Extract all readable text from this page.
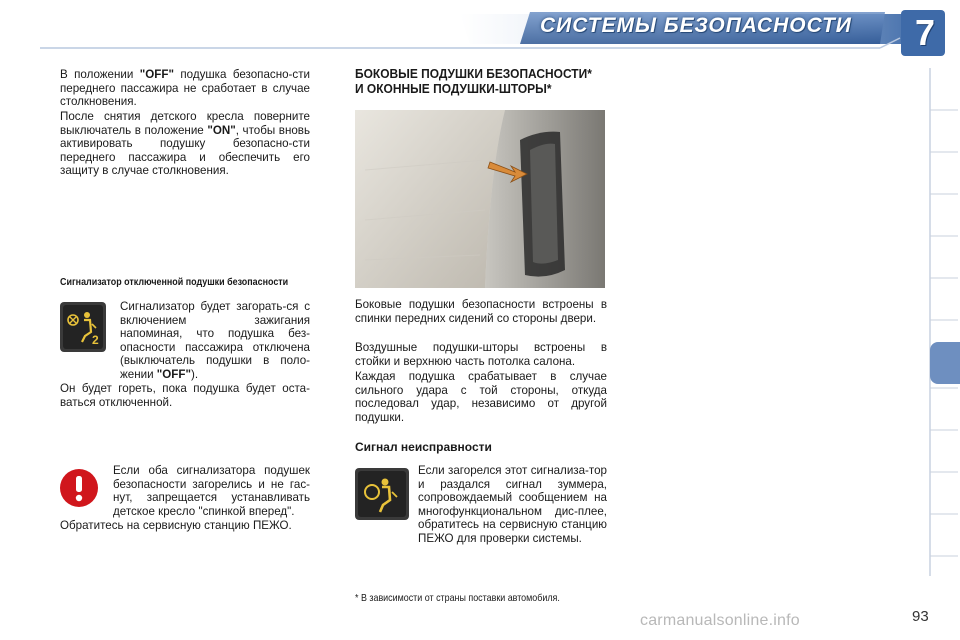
СИСТЕМЫ БЕЗОПАСНОСТИ 7

В положении "OFF" подушка безопасно-сти переднего пассажира не сработает в случае столкновения.

После снятия детского кресла поверните выключатель в положение "ON", чтобы вновь активировать подушку безопасно-сти переднего пассажира и обеспечить его защиту в случае столкновения.

Сигнализатор отключенной подушки безопасности
2

Сигнализатор будет загорать-ся с включением зажигания напоминая, что подушка без-опасности пассажира отключена (выключатель подушки в поло-жении "OFF").

Он будет гореть, пока подушка будет оста-ваться отключенной.

Если оба сигнализатора подушек безопасности загорелись и не гас-нут, запрещается устанавливать детское кресло "спинкой вперед".

Обратитесь на сервисную станцию ПЕЖО.

БОКОВЫЕ ПОДУШКИ БЕЗОПАСНОСТИ*
И ОКОННЫЕ ПОДУШКИ-ШТОРЫ*

Боковые подушки безопасности встроены в спинки передних сидений со стороны двери.

Воздушные подушки-шторы встроены в стойки и верхнюю часть потолка салона.

Каждая подушка срабатывает в случае сильного удара с той стороны, откуда последовал удар, независимо от другой подушки.

Сигнал неисправности

Если загорелся этот сигнализа-тор и раздался сигнал зуммера, сопровождаемый сообщением на многофункциональном дис-плее, обратитесь на сервисную станцию ПЕЖО для проверки системы.

* В зависимости от страны поставки автомобиля.
carmanualsonline.info	93
